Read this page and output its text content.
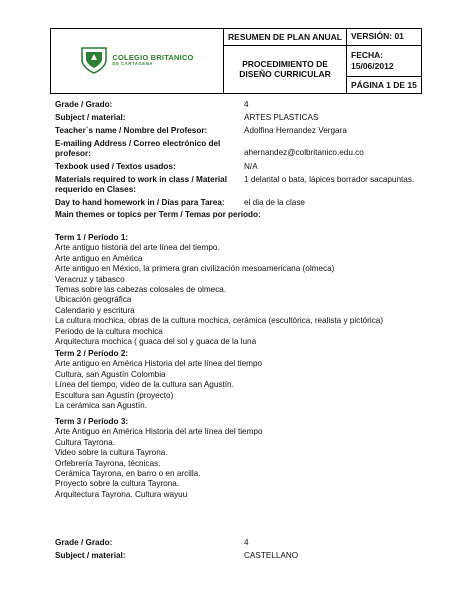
COLEGIO BRITANICO
DE CARTAGENA	RESUMEN DE PLAN ANUAL	VERSIÓN: 01
	PROCEDIMIENTO DE DISEÑO CURRICULAR	FECHA:
15/06/2012

		PÁGINA 1 DE 15
Grade / Grado:	4
Subject / material:	ARTES PLASTICAS
Teacher´s name / Nombre del Profesor:	Adolfina Hernandez Vergara
E-mailing Address / Correo electrónico del profesor:	ahernandez@colbritanico.edu.co
Texbook used / Textos usados:	N/A
Materials required to work in class / Material requerido en Clases:
1 delantal o bata, lápices borrador sacapuntas.
Day to hand homework in / Días para Tarea:	el dia de la clase
Main themes or topics per Term / Temas por período:
Term 1 / Período 1:
Arte antiguo historia del arte línea del tiempo.
Arte antiguo en América
Arte antiguo en México, la primera gran civilización mesoamericana (olmeca)
Veracruz y tabasco
Temas sobre las cabezas colosales de olmeca.
Ubicación geográfica
Calendario y escritura
La cultura mochica, obras de la cultura mochica, cerámica (escultórica, realista y pictórica)
Periodo de la cultura mochica
Arquitectura mochica ( guaca del sol y guaca de la luna
Term 2 / Período 2:
Arte antiguo en América Historia del arte línea del tiempo
Cultura, san Agustín Colombia
Línea del tiempo, video de la cultura san Agustín.
Escultura san Agustín (proyecto)
La cerámica san Agustín.
Term 3 / Período 3:
Arte Antiguo en América Historia del arte línea del tiempo
Cultura Tayrona.
Video sobre la cultura Tayrona.
Orfebrería Tayrona, técnicas.
Cerámica Tayrona, en barro o en arcilla.
Proyecto sobre la cultura Tayrona.
Arquitectura Tayrona. Cultura wayuu
Grade / Grado:	4
Subject / material:	CASTELLANO
